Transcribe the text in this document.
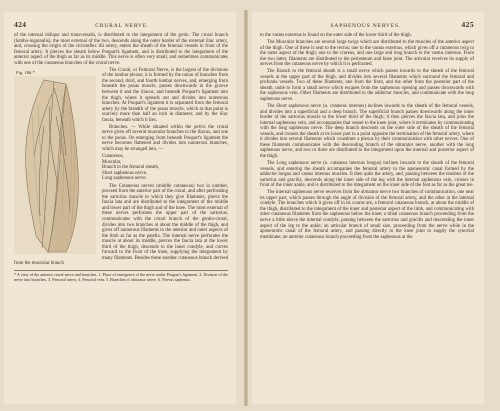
424	CRURAL NERVE.

of the internal oblique and transversalis, is distributed to the integument of the groin. The crural branch (lumbo-inguinalis), the most external of the two, descends along the outer border of the external iliac artery, and, crossing the origin of the circumflex ilii artery, enters the sheath of the femoral vessels in front of the femoral artery. It pierces the sheath below Poupart's ligament, and is distributed to the integument of the anterior aspect of the thigh as far as its middle. This nerve is often very small, and sometimes communicates with one of the cutaneous branches of the crural nerve.

Fig. 186.*	The Crural, or Femoral Nerve, is the largest of the divisions of the lumbar plexus; it is formed by the union of branches from the second, third, and fourth lumbar nerves, and, emerging from beneath the psoas muscle, passes downwards in the groove between it and the iliacus, and beneath Poupart's ligament into the thigh, where it spreads out and divides into numerous branches. At Poupart's ligament it is separated from the femoral artery by the breadth of the psoas muscle, which at that point is scarcely more than half an inch in diameter, and by the iliac fascia, beneath which it lies.

Branches. — While situated within the pelvis the crural nerve gives off several muscular branches to the iliacus, and one to the psoas. On emerging from beneath Poupart's ligament the nerve becomes flattened and divides into numerous branches, which may be arranged into, —

Cutaneous,
Muscular,
Branch to the femoral sheath,
Short saphenous nerve,
Long saphenous nerve.

The Cutaneous nerves (middle cutaneous) two in number, proceed from the anterior part of the crural, and after perforating the sartorius muscle to which they give filaments, pierce the fascia lata and are distributed to the integument of the middle and lower part of the thigh and of the knee. The most external of these nerves perforates the upper part of the sartorius, communicates with the crural branch of the genito-crural, divides into two branches at about the middle of the thigh, and gives off numerous filaments to the anterior and outer aspects of the limb as far as the patella. The internal nerve perforates the muscle at about its middle, pierces the fascia lata at the lower third of the thigh, descends to the inner condyle, and curves forward to the front of the knee, supplying the integument by many filaments. Besides these another cutaneous branch derived from the muscular branch

* A view of the anterior crural nerve and branches. 1. Place of emergence of the nerve under Poupart's ligament. 2. Division of the nerve into branches. 3. Femoral artery. 4. Femoral vein. 5. Branches of obturator nerve. 6. Nervus saphenus.

SAPHENOUS NERVES.	425

to the vastus externus is found on the outer side of the lower third of the thigh.

The Muscular branches are several large twigs which are distributed to the muscles of the anterior aspect of the thigh. One of these is sent to the rectus; one to the vastus externus, which gives off a cutaneous twig to the outer aspect of the thigh; one to the crureus, and one large and long branch to the vastus internus. From the two latter, filaments are distributed to the periosteum and knee joint. The articular receives its supply of nerves from the cutaneous nerve by which it is perforated.

The Branch to the femoral sheath is a small nerve which passes inwards to the sheath of the femoral vessels at the upper part of the thigh, and divides into several filaments which surround the femoral and profunda vessels. Two of these filaments, one from the front, and the other from the posterior part of the sheath, unite to form a small nerve which escapes from the saphenous opening and passes downwards with the saphenous vein. Other filaments are distributed to the adductor muscles, and communicate with the long saphenous nerve.

The Short saphenous nerve (n. cutaneus internus) inclines inwards to the sheath of the femoral vessels, and divides into a superficial and a deep branch. The superficial branch passes downwards along the inner border of the sartorius muscle to the lower third of the thigh; it then pierces the fascia lata, and joins the internal saphenous vein, and accompanies that vessel to the knee joint, where it terminates by communicating with the long saphenous nerve. The deep branch descends on the outer side of the sheath of the femoral vessels, and crosses the sheath at its lower part to a point opposite the termination of the femoral artery, where it divides into several filaments which constitute a plexus by their communication with other nerves. One of these filaments communicates with the descending branch of the obturator nerve, another with the long saphenous nerve, and two or three are distributed to the integument upon the internal and posterior aspect of the thigh.

The Long saphenous nerve (n. cutaneus internus longus) inclines inwards to the sheath of the femoral vessels, and entering the sheath accompanies the femoral artery to the aponeurotic canal formed by the adductor longus and vastus internus muscles. It then quits the artery, and, passing between the tendons of the sartorius and gracilis, descends along the inner side of the leg with the internal saphenous vein, crosses in front of the inner ankle, and is distributed to the integument on the inner side of the foot as far as the great toe.

The internal saphenous nerve receives from the obturator nerve two branches of communication, one near its upper part, which passes through the angle of division of the femoral artery, and the other at the internal condyle. The branches which it gives off in its course are, a femoral cutaneous branch, at about the middle of the thigh, distributed to the integument of the inner and posterior aspect of the limb, and communicating with other cutaneous filaments from the saphenous below the knee; a tibial cutaneous branch proceeding from the nerve a little above the internal condyle, passing between the sartorius and gracilis and descending the inner aspect of the leg to the ankle; an articular branch of small size, proceeding from the nerve while in the aponeurotic canal of the femoral artery, and passing directly to the knee joint to supply the synovial membrane; an anterior cutaneous branch proceeding from the saphenous at the
